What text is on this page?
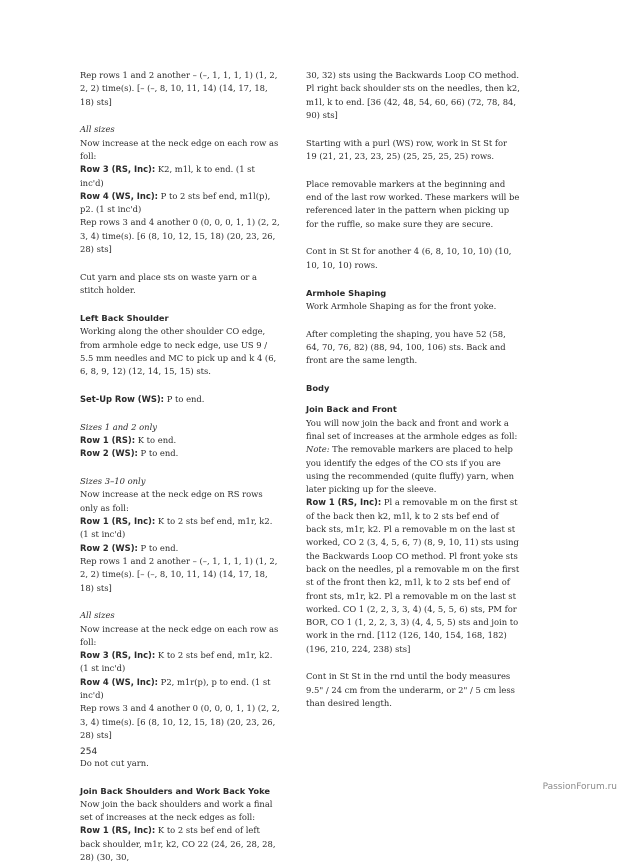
Rep rows 1 and 2 another – (–, 1, 1, 1, 1) (1, 2, 2, 2) time(s). [– (–, 8, 10, 11, 14) (14, 17, 18, 18) sts]

All sizes

Now increase at the neck edge on each row as foll:

Row 3 (RS, Inc): K2, m1l, k to end. (1 st inc'd)

Row 4 (WS, Inc): P to 2 sts bef end, m1l(p), p2. (1 st inc'd)

Rep rows 3 and 4 another 0 (0, 0, 0, 1, 1) (2, 2, 3, 4) time(s). [6 (8, 10, 12, 15, 18) (20, 23, 26, 28) sts]

Cut yarn and place sts on waste yarn or a stitch holder.

Left Back Shoulder

Working along the other shoulder CO edge, from armhole edge to neck edge, use US 9 / 5.5 mm needles and MC to pick up and k 4 (6, 6, 8, 9, 12) (12, 14, 15, 15) sts.

Set-Up Row (WS): P to end.

Sizes 1 and 2 only

Row 1 (RS): K to end.

Row 2 (WS): P to end.

Sizes 3–10 only

Now increase at the neck edge on RS rows only as foll:

Row 1 (RS, Inc): K to 2 sts bef end, m1r, k2. (1 st inc'd)

Row 2 (WS): P to end.

Rep rows 1 and 2 another – (–, 1, 1, 1, 1) (1, 2, 2, 2) time(s). [– (–, 8, 10, 11, 14) (14, 17, 18, 18) sts]

All sizes

Now increase at the neck edge on each row as foll:

Row 3 (RS, Inc): K to 2 sts bef end, m1r, k2. (1 st inc'd)

Row 4 (WS, Inc): P2, m1r(p), p to end. (1 st inc'd)

Rep rows 3 and 4 another 0 (0, 0, 0, 1, 1) (2, 2, 3, 4) time(s). [6 (8, 10, 12, 15, 18) (20, 23, 26, 28) sts]

Do not cut yarn.

Join Back Shoulders and Work Back Yoke

Now join the back shoulders and work a final set of increases at the neck edges as foll:

Row 1 (RS, Inc): K to 2 sts bef end of left back shoulder, m1r, k2, CO 22 (24, 26, 28, 28, 28) (30, 30,

30, 32) sts using the Backwards Loop CO method. Pl right back shoulder sts on the needles, then k2, m1l, k to end. [36 (42, 48, 54, 60, 66) (72, 78, 84, 90) sts]

Starting with a purl (WS) row, work in St St for 19 (21, 21, 23, 23, 25) (25, 25, 25, 25) rows.

Place removable markers at the beginning and end of the last row worked. These markers will be referenced later in the pattern when picking up for the ruffle, so make sure they are secure.

Cont in St St for another 4 (6, 8, 10, 10, 10) (10, 10, 10, 10) rows.

Armhole Shaping

Work Armhole Shaping as for the front yoke.

After completing the shaping, you have 52 (58, 64, 70, 76, 82) (88, 94, 100, 106) sts. Back and front are the same length.

Body

Join Back and Front

You will now join the back and front and work a final set of increases at the armhole edges as foll: Note: The removable markers are placed to help you identify the edges of the CO sts if you are using the recommended (quite fluffy) yarn, when later picking up for the sleeve.

Row 1 (RS, Inc): Pl a removable m on the first st of the back then k2, m1l, k to 2 sts bef end of back sts, m1r, k2. Pl a removable m on the last st worked, CO 2 (3, 4, 5, 6, 7) (8, 9, 10, 11) sts using the Backwards Loop CO method. Pl front yoke sts back on the needles, pl a removable m on the first st of the front then k2, m1l, k to 2 sts bef end of front sts, m1r, k2. Pl a removable m on the last st worked. CO 1 (2, 2, 3, 3, 4) (4, 5, 5, 6) sts, PM for BOR, CO 1 (1, 2, 2, 3, 3) (4, 4, 5, 5) sts and join to work in the rnd. [112 (126, 140, 154, 168, 182) (196, 210, 224, 238) sts]

Cont in St St in the rnd until the body measures 9.5" / 24 cm from the underarm, or 2" / 5 cm less than desired length.

254
PassionForum.ru
